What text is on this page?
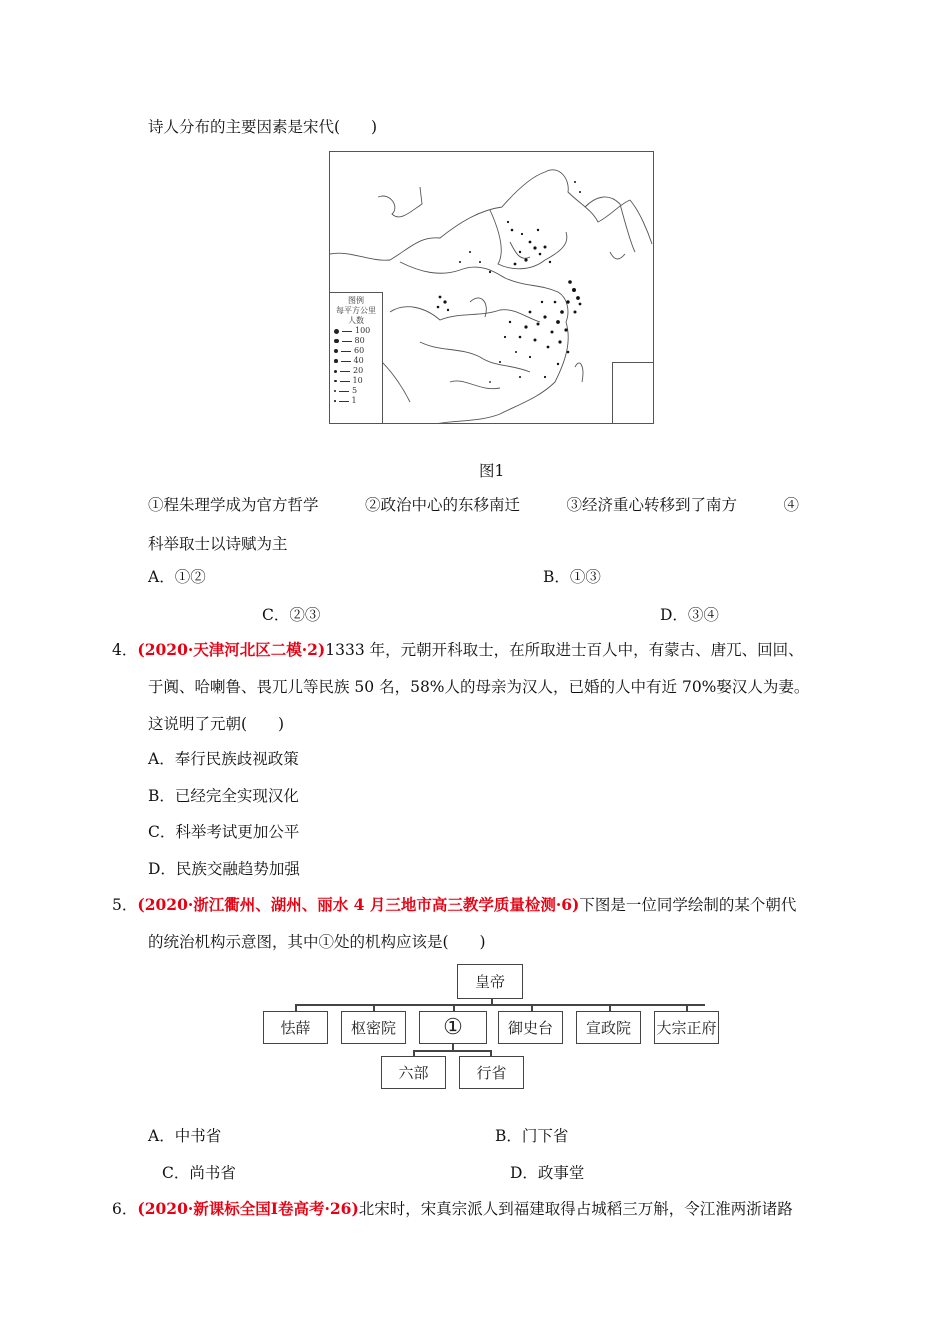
诗人分布的主要因素是宋代(　　)
图例
每平方公里
人数
100
80
60
40
20
10
5
1
图1
①程朱理学成为官方哲学　　　②政治中心的东移南迁　　　③经济重心转移到了南方　　　④
科举取士以诗赋为主
A．①②	B．①③
C．②③	D．③④
4．(2020·天津河北区二模·2)1333 年，元朝开科取士，在所取进士百人中，有蒙古、唐兀、回回、
于阗、哈喇鲁、畏兀儿等民族 50 名，58%人的母亲为汉人，已婚的人中有近 70%娶汉人为妻。
这说明了元朝(　　)
A．奉行民族歧视政策
B．已经完全实现汉化
C．科举考试更加公平
D．民族交融趋势加强
5．(2020·浙江衢州、湖州、丽水 4 月三地市高三教学质量检测·6)下图是一位同学绘制的某个朝代
的统治机构示意图，其中①处的机构应该是(　　)
皇帝
怯薛	枢密院	①	御史台	宣政院	大宗正府
六部	行省
A．中书省	B．门下省
C．尚书省	D．政事堂
6．(2020·新课标全国Ⅰ卷高考·26)北宋时，宋真宗派人到福建取得占城稻三万斛，令江淮两浙诸路
